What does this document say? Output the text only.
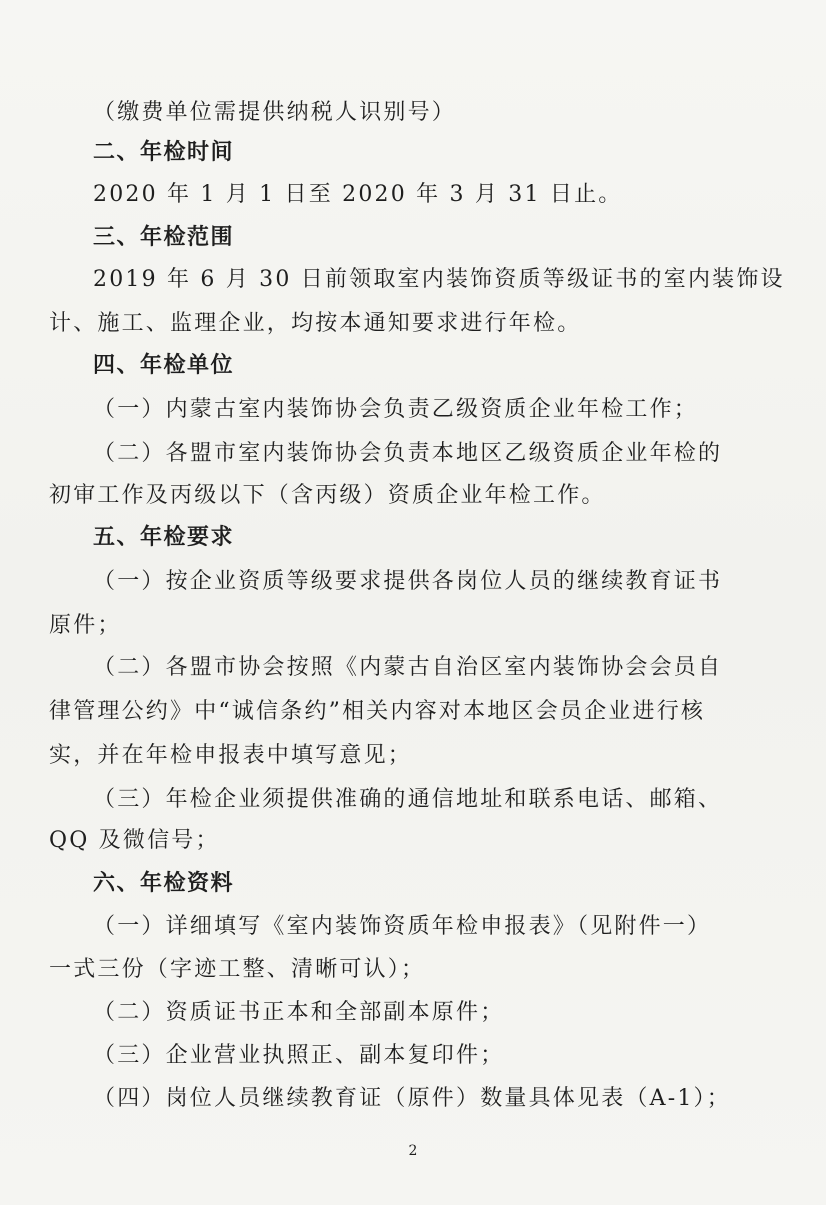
（缴费单位需提供纳税人识别号）
二、年检时间
2020 年 1 月 1 日至 2020 年 3 月 31 日止。
三、年检范围
2019 年 6 月 30 日前领取室内装饰资质等级证书的室内装饰设
计、施工、监理企业，均按本通知要求进行年检。
四、年检单位
（一）内蒙古室内装饰协会负责乙级资质企业年检工作；
（二）各盟市室内装饰协会负责本地区乙级资质企业年检的
初审工作及丙级以下（含丙级）资质企业年检工作。
五、年检要求
（一）按企业资质等级要求提供各岗位人员的继续教育证书
原件；
（二）各盟市协会按照《内蒙古自治区室内装饰协会会员自
律管理公约》中“诚信条约”相关内容对本地区会员企业进行核
实，并在年检申报表中填写意见；
（三）年检企业须提供准确的通信地址和联系电话、邮箱、
QQ 及微信号；
六、年检资料
（一）详细填写《室内装饰资质年检申报表》（见附件一）
一式三份（字迹工整、清晰可认）；
（二）资质证书正本和全部副本原件；
（三）企业营业执照正、副本复印件；
（四）岗位人员继续教育证（原件）数量具体见表（A-1）；
2
